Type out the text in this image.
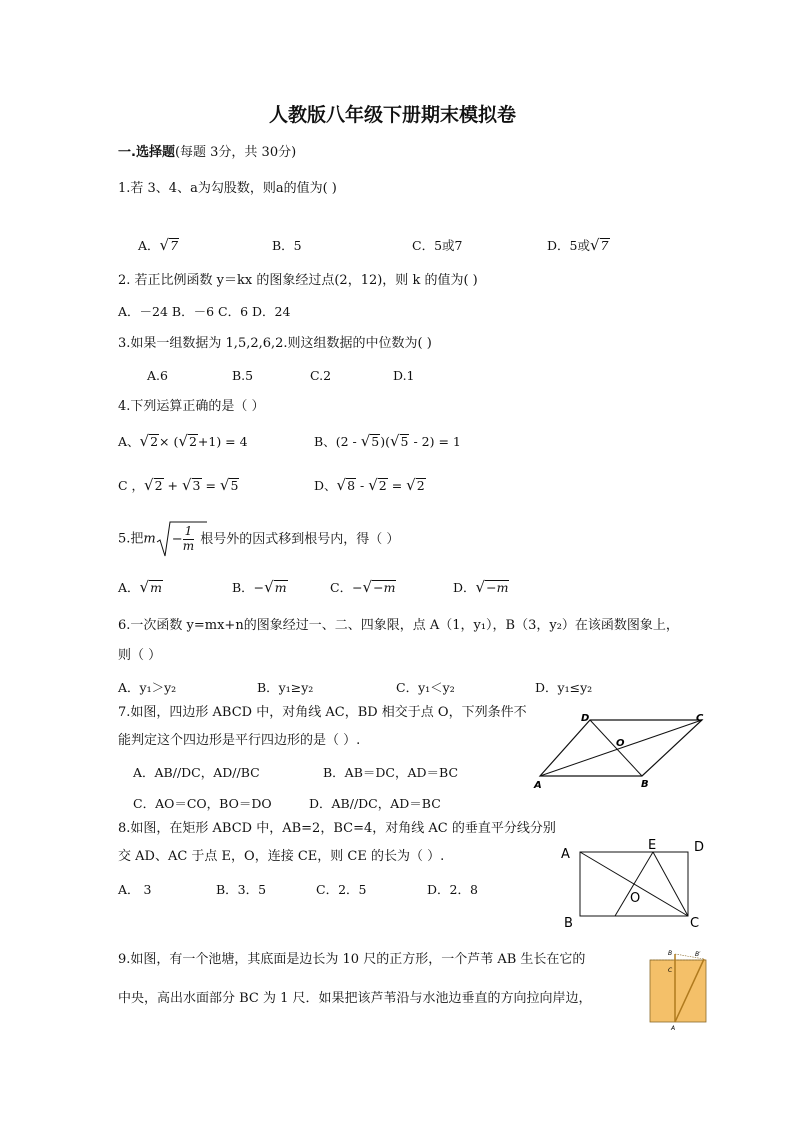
人教版八年级下册期末模拟卷
一.选择题(每题 3分，共 30分)
1.若 3、4、a为勾股数，则a的值为( )
A．√7	B．5	C．5或7	D．5或√7
2. 若正比例函数 y＝kx 的图象经过点(2，12)，则 k 的值为( )
A．－24 B．－6 C．6 D．24
3.如果一组数据为 1,5,2,6,2.则这组数据的中位数为( )
A.6	B.5	C.2	D.1
4.下列运算正确的是（ ）
A、√2× (√2+1) = 4	B、(2 - √5)(√5 - 2) = 1
C ，√2 + √3 = √5	D、√8 - √2 = √2
5.把$m - \frac{1}{m}$ 根号外的因式移到根号内，得（ ）
A．√m	B．−√m	C．−√−m	D．√−m
6.一次函数 y=mx+n的图象经过一、二、四象限，点 A（1，y₁），B（3，y₂）在该函数图象上，
则（ ）
A．y₁＞y₂	B．y₁≥y₂	C．y₁＜y₂	D．y₁≤y₂
7.如图，四边形 ABCD 中，对角线 AC，BD 相交于点 O，下列条件不
能判定这个四边形是平行四边形的是（ ）.
A．AB//DC，AD//BC	B．AB＝DC，AD＝BC
C．AO＝CO，BO＝DO	D．AB//DC，AD＝BC
A	B
C
D
O
8.如图，在矩形 ABCD 中，AB=2，BC=4，对角线 AC 的垂直平分线分别
交 AD、AC 于点 E，O，连接 CE，则 CE 的长为（ ）.
A． 3	B．3．5	C．2．5	D．2．8
A
B	C
D
E
O
9.如图，有一个池塘，其底面是边长为 10 尺的正方形，一个芦苇 AB 生长在它的
中央，高出水面部分 BC 为 1 尺．如果把该芦苇沿与水池边垂直的方向拉向岸边，
B	B′
C
A
